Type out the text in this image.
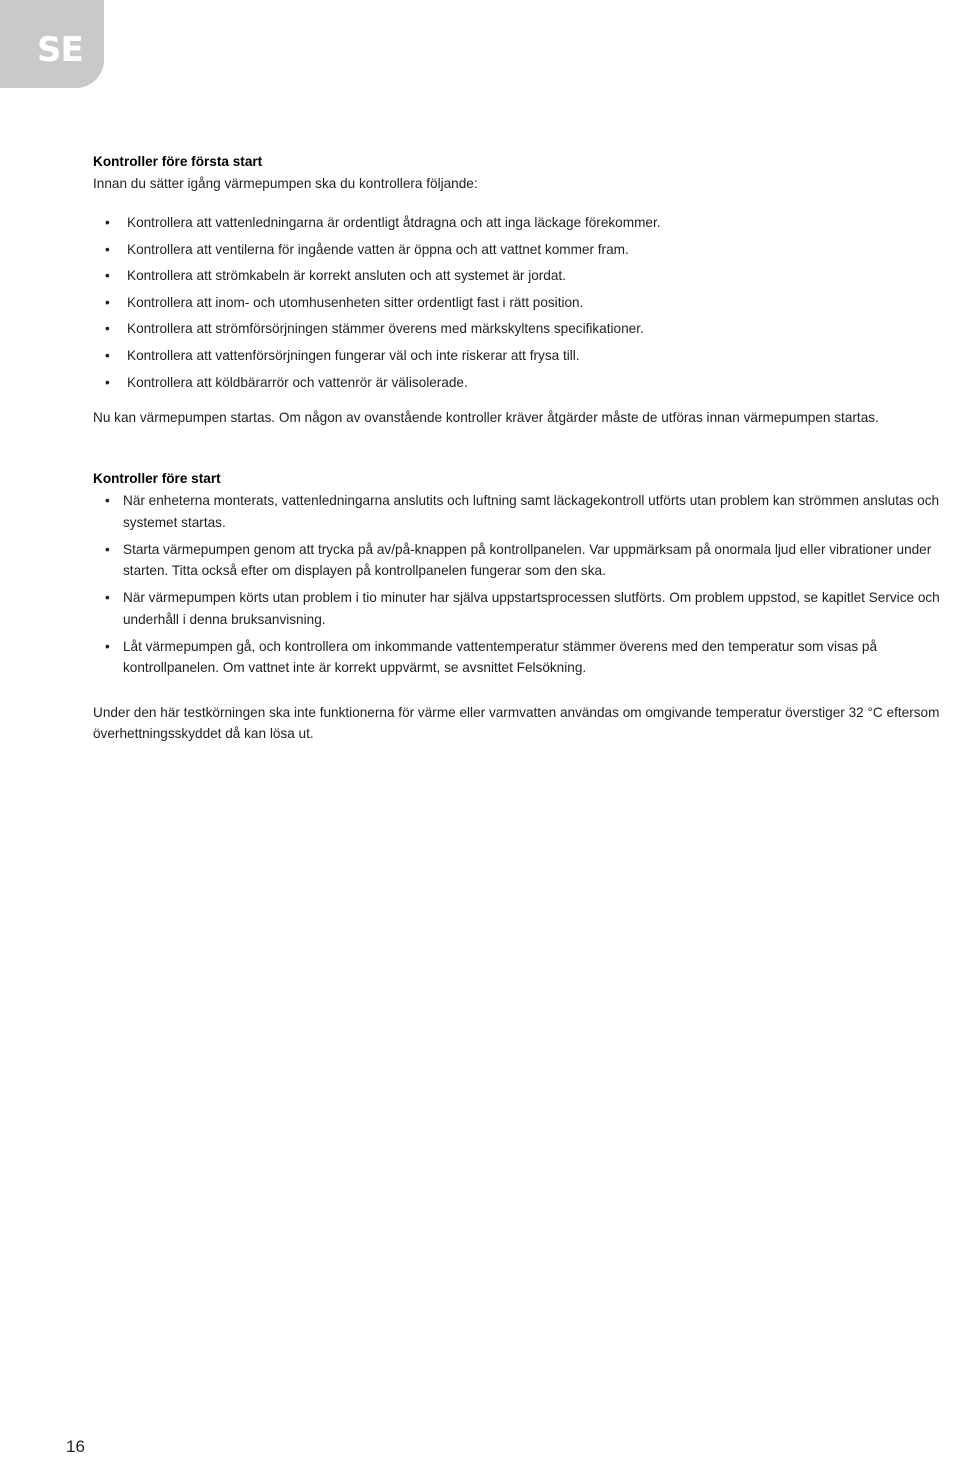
SE
Kontroller före första start

Innan du sätter igång värmepumpen ska du kontrollera följande:

• Kontrollera att vattenledningarna är ordentligt åtdragna och att inga läckage förekommer.
• Kontrollera att ventilerna för ingående vatten är öppna och att vattnet kommer fram.
• Kontrollera att strömkabeln är korrekt ansluten och att systemet är jordat.
• Kontrollera att inom- och utomhusenheten sitter ordentligt fast i rätt position.
• Kontrollera att strömförsörjningen stämmer överens med märkskyltens specifikationer.
• Kontrollera att vattenförsörjningen fungerar väl och inte riskerar att frysa till.
• Kontrollera att köldbärarrör och vattenrör är välisolerade.

Nu kan värmepumpen startas. Om någon av ovanstående kontroller kräver åtgärder måste de utföras innan värmepumpen startas.

Kontroller före start
• När enheterna monterats, vattenledningarna anslutits och luftning samt läckagekontroll utförts utan problem kan strömmen anslutas och systemet startas.
• Starta värmepumpen genom att trycka på av/på-knappen på kontrollpanelen. Var uppmärksam på onormala ljud eller vibrationer under starten. Titta också efter om displayen på kontrollpanelen fungerar som den ska.
• När värmepumpen körts utan problem i tio minuter har själva uppstartsprocessen slutförts. Om problem uppstod, se kapitlet Service och underhåll i denna bruksanvisning.
• Låt värmepumpen gå, och kontrollera om inkommande vattentemperatur stämmer överens med den temperatur som visas på kontrollpanelen. Om vattnet inte är korrekt uppvärmt, se avsnittet Felsökning.

Under den här testkörningen ska inte funktionerna för värme eller varmvatten användas om omgivande temperatur överstiger 32 °C eftersom överhettningsskyddet då kan lösa ut.

16
